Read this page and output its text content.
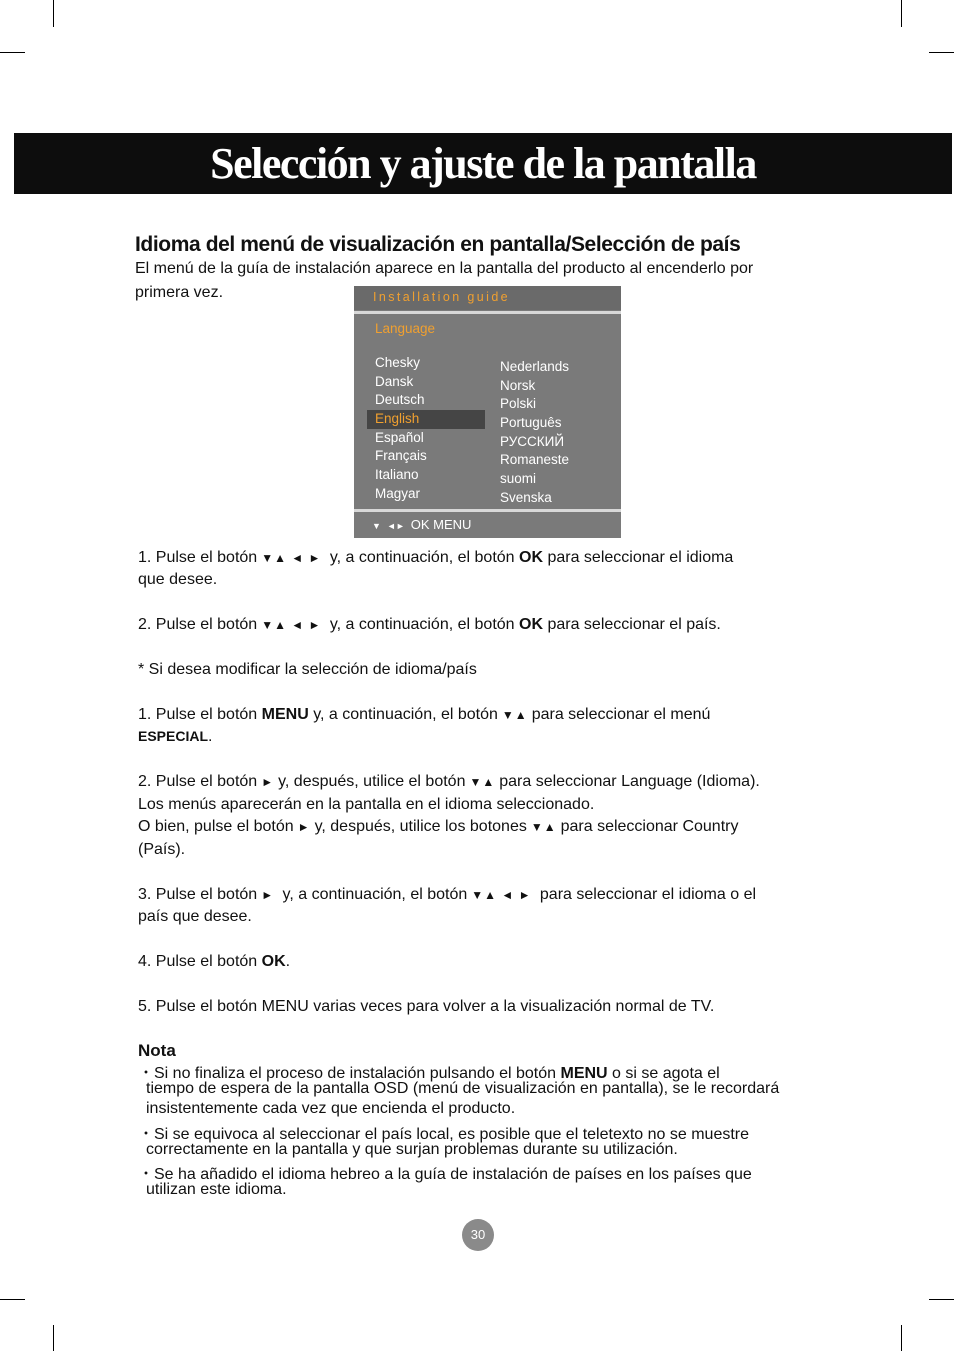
Selección y ajuste de la pantalla
Idioma del menú de visualización en pantalla/Selección de país
El menú de la guía de instalación aparece en la pantalla del producto al encenderlo por
primera vez.	Installation guide
Language
Chesky
Dansk
Deutsch
English
Español
Français
Italiano
Magyar
Nederlands
Norsk
Polski
Português
РУССКИЙ
Romaneste
suomi
Svenska
▼ ◄► OK MENU
1. Pulse el botón ▼▲ ◄ ► y, a continuación, el botón OK para seleccionar el idioma
que desee.
2. Pulse el botón ▼▲ ◄ ► y, a continuación, el botón OK para seleccionar el país.
* Si desea modificar la selección de idioma/país
1. Pulse el botón MENU y, a continuación, el botón ▼▲ para seleccionar el menú
ESPECIAL.
2. Pulse el botón ► y, después, utilice el botón ▼▲ para seleccionar Language (Idioma).
Los menús aparecerán en la pantalla en el idioma seleccionado.
O bien, pulse el botón ► y, después, utilice los botones ▼▲ para seleccionar Country
(País).
3. Pulse el botón ► y, a continuación, el botón ▼▲ ◄ ► para seleccionar el idioma o el
país que desee.
4. Pulse el botón OK.
5. Pulse el botón MENU varias veces para volver a la visualización normal de TV.
Nota
・Si no finaliza el proceso de instalación pulsando el botón MENU o si se agota el
tiempo de espera de la pantalla OSD (menú de visualización en pantalla), se le recordará
insistentemente cada vez que encienda el producto.
・Si se equivoca al seleccionar el país local, es posible que el teletexto no se muestre
correctamente en la pantalla y que surjan problemas durante su utilización.
・Se ha añadido el idioma hebreo a la guía de instalación de países en los países que
utilizan este idioma.
30
